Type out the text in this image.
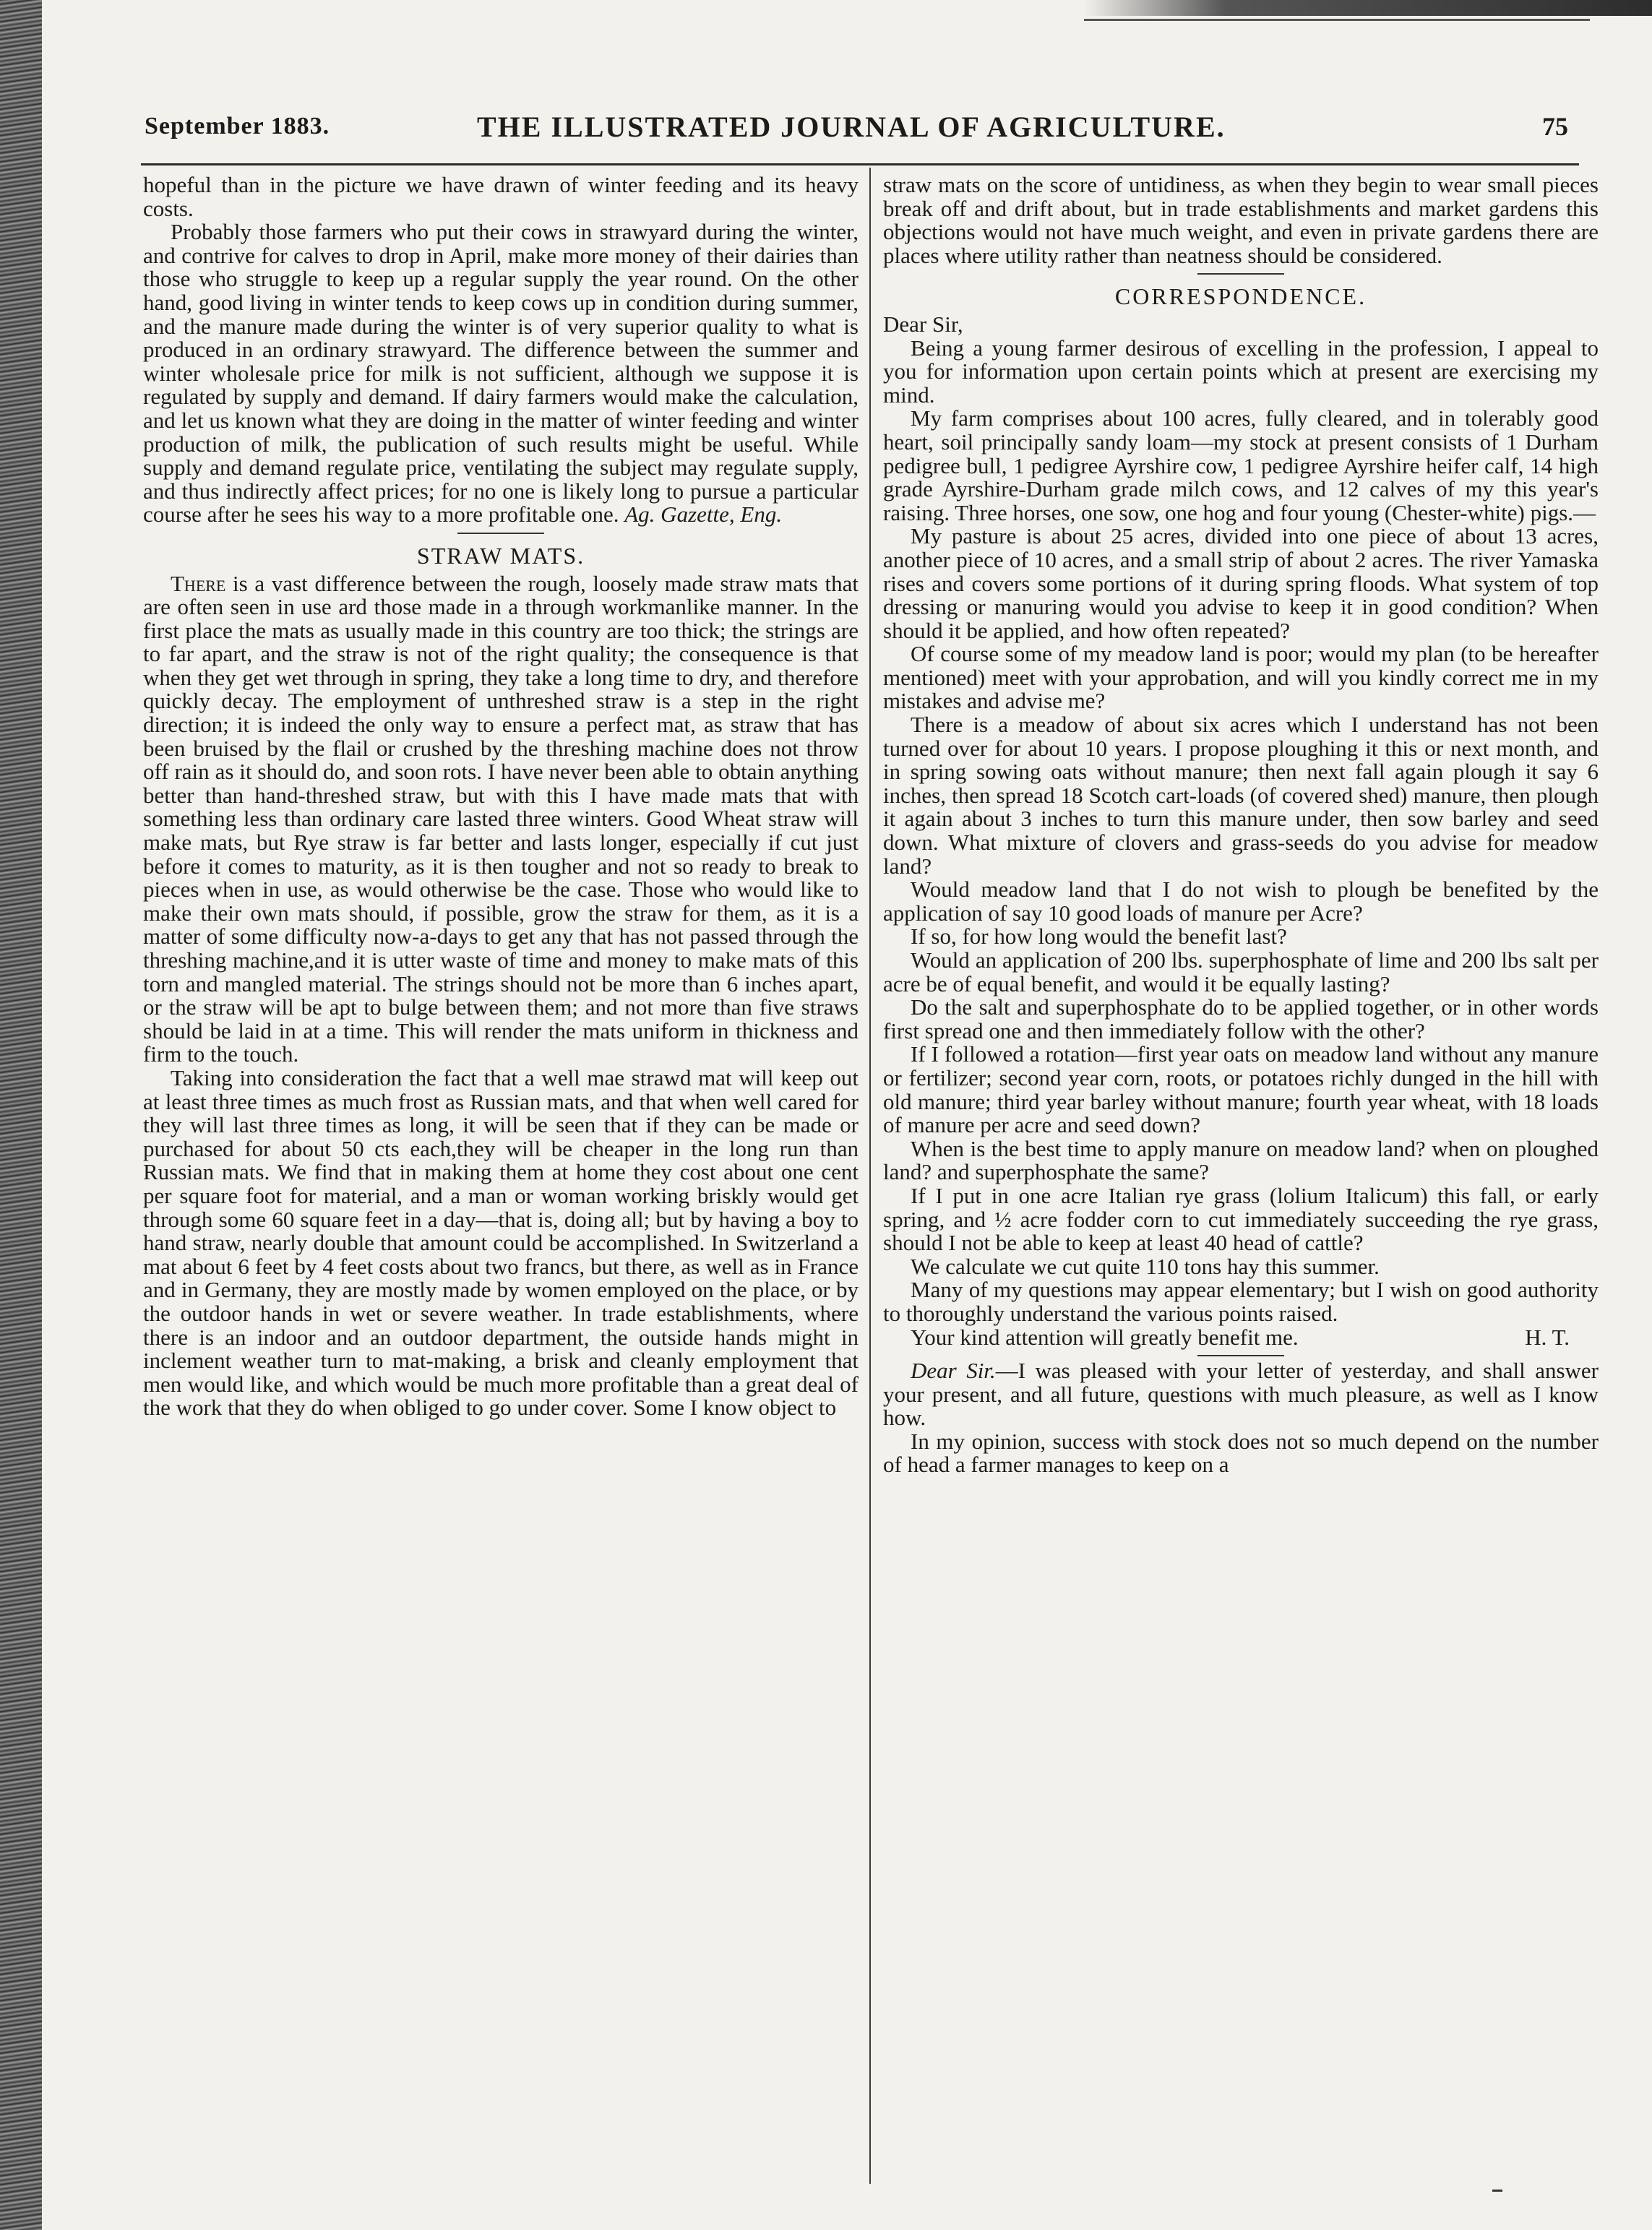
September 1883.	THE ILLUSTRATED JOURNAL OF AGRICULTURE.	75

hopeful than in the picture we have drawn of winter feeding and its heavy costs.

Probably those farmers who put their cows in strawyard during the winter, and contrive for calves to drop in April, make more money of their dairies than those who struggle to keep up a regular supply the year round. On the other hand, good living in winter tends to keep cows up in condition during summer, and the manure made during the winter is of very superior quality to what is produced in an ordinary strawyard. The difference between the summer and winter wholesale price for milk is not sufficient, although we suppose it is regulated by supply and demand. If dairy farmers would make the calculation, and let us known what they are doing in the matter of winter feeding and winter production of milk, the publication of such results might be useful. While supply and demand regulate price, ventilating the subject may regulate supply, and thus indirectly affect prices; for no one is likely long to pursue a particular course after he sees his way to a more profitable one. Ag. Gazette, Eng.

STRAW MATS.

There is a vast difference between the rough, loosely made straw mats that are often seen in use ard those made in a through workmanlike manner. In the first place the mats as usually made in this country are too thick; the strings are to far apart, and the straw is not of the right quality; the consequence is that when they get wet through in spring, they take a long time to dry, and therefore quickly decay. The employment of unthreshed straw is a step in the right direction; it is indeed the only way to ensure a perfect mat, as straw that has been bruised by the flail or crushed by the threshing machine does not throw off rain as it should do, and soon rots. I have never been able to obtain anything better than hand-threshed straw, but with this I have made mats that with something less than ordinary care lasted three winters. Good Wheat straw will make mats, but Rye straw is far better and lasts longer, especially if cut just before it comes to maturity, as it is then tougher and not so ready to break to pieces when in use, as would otherwise be the case. Those who would like to make their own mats should, if possible, grow the straw for them, as it is a matter of some difficulty now-a-days to get any that has not passed through the threshing machine,and it is utter waste of time and money to make mats of this torn and mangled material. The strings should not be more than 6 inches apart, or the straw will be apt to bulge between them; and not more than five straws should be laid in at a time. This will render the mats uniform in thickness and firm to the touch.

Taking into consideration the fact that a well mae strawd mat will keep out at least three times as much frost as Russian mats, and that when well cared for they will last three times as long, it will be seen that if they can be made or purchased for about 50 cts each,they will be cheaper in the long run than Russian mats. We find that in making them at home they cost about one cent per square foot for material, and a man or woman working briskly would get through some 60 square feet in a day—that is, doing all; but by having a boy to hand straw, nearly double that amount could be accomplished. In Switzerland a mat about 6 feet by 4 feet costs about two francs, but there, as well as in France and in Germany, they are mostly made by women employed on the place, or by the outdoor hands in wet or severe weather. In trade establishments, where there is an indoor and an outdoor department, the outside hands might in inclement weather turn to mat-making, a brisk and cleanly employment that men would like, and which would be much more profitable than a great deal of the work that they do when obliged to go under cover. Some I know object to

straw mats on the score of untidiness, as when they begin to wear small pieces break off and drift about, but in trade establishments and market gardens this objections would not have much weight, and even in private gardens there are places where utility rather than neatness should be considered.

CORRESPONDENCE.

Dear Sir,

Being a young farmer desirous of excelling in the profession, I appeal to you for information upon certain points which at present are exercising my mind.

My farm comprises about 100 acres, fully cleared, and in tolerably good heart, soil principally sandy loam—my stock at present consists of 1 Durham pedigree bull, 1 pedigree Ayrshire cow, 1 pedigree Ayrshire heifer calf, 14 high grade Ayrshire-Durham grade milch cows, and 12 calves of my this year's raising. Three horses, one sow, one hog and four young (Chester-white) pigs.—

My pasture is about 25 acres, divided into one piece of about 13 acres, another piece of 10 acres, and a small strip of about 2 acres. The river Yamaska rises and covers some portions of it during spring floods. What system of top dressing or manuring would you advise to keep it in good condition? When should it be applied, and how often repeated?

Of course some of my meadow land is poor; would my plan (to be hereafter mentioned) meet with your approbation, and will you kindly correct me in my mistakes and advise me?

There is a meadow of about six acres which I understand has not been turned over for about 10 years. I propose ploughing it this or next month, and in spring sowing oats without manure; then next fall again plough it say 6 inches, then spread 18 Scotch cart-loads (of covered shed) manure, then plough it again about 3 inches to turn this manure under, then sow barley and seed down. What mixture of clovers and grass-seeds do you advise for meadow land?

Would meadow land that I do not wish to plough be benefited by the application of say 10 good loads of manure per Acre?

If so, for how long would the benefit last?

Would an application of 200 lbs. superphosphate of lime and 200 lbs salt per acre be of equal benefit, and would it be equally lasting?

Do the salt and superphosphate do to be applied together, or in other words first spread one and then immediately follow with the other?

If I followed a rotation—first year oats on meadow land without any manure or fertilizer; second year corn, roots, or potatoes richly dunged in the hill with old manure; third year barley without manure; fourth year wheat, with 18 loads of manure per acre and seed down?

When is the best time to apply manure on meadow land? when on ploughed land? and superphosphate the same?

If I put in one acre Italian rye grass (lolium Italicum) this fall, or early spring, and ½ acre fodder corn to cut immediately succeeding the rye grass, should I not be able to keep at least 40 head of cattle?

We calculate we cut quite 110 tons hay this summer.

Many of my questions may appear elementary; but I wish on good authority to thoroughly understand the various points raised.

Your kind attention will greatly benefit me.	H. T.

Dear Sir.—I was pleased with your letter of yesterday, and shall answer your present, and all future, questions with much pleasure, as well as I know how.

In my opinion, success with stock does not so much depend on the number of head a farmer manages to keep on a
